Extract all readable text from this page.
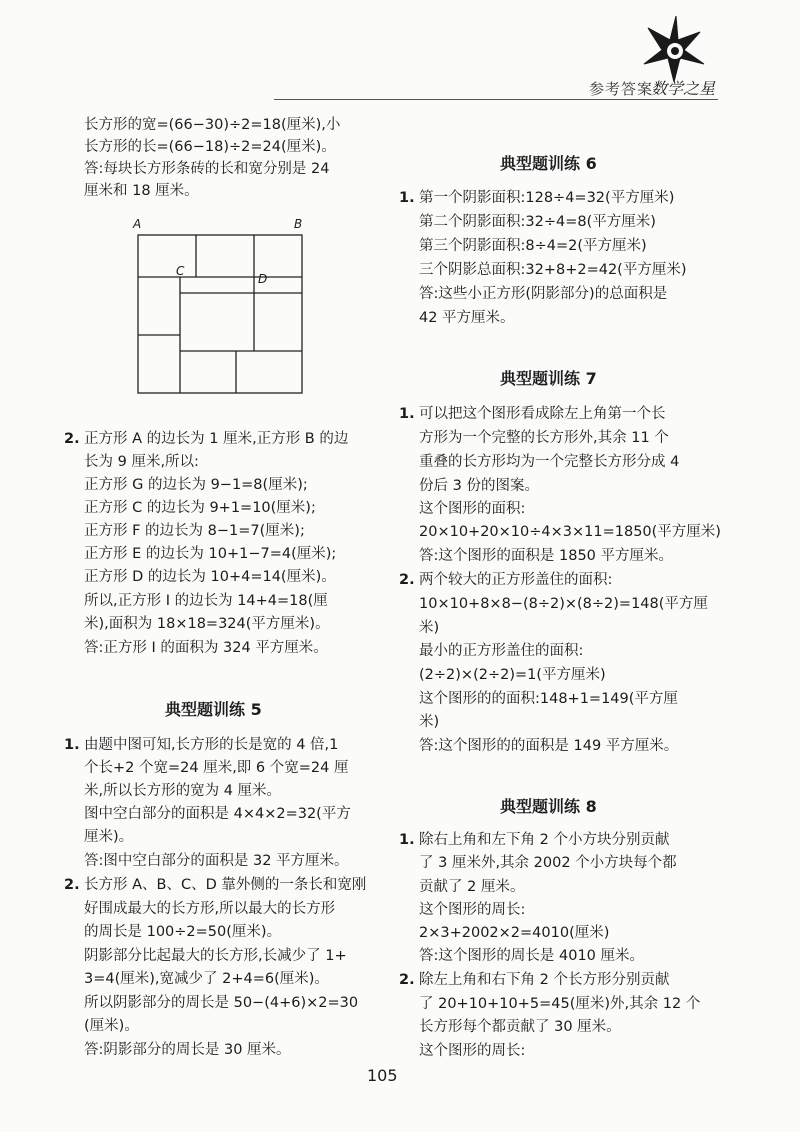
参考答案
数学之星
长方形的宽=(66−30)÷2=18(厘米),小
长方形的长=(66−18)÷2=24(厘米)。
答:每块长方形条砖的长和宽分别是 24
厘米和 18 厘米。
A	B
C
D
2. 正方形 A 的边长为 1 厘米,正方形 B 的边
长为 9 厘米,所以:
正方形 G 的边长为 9−1=8(厘米);
正方形 C 的边长为 9+1=10(厘米);
正方形 F 的边长为 8−1=7(厘米);
正方形 E 的边长为 10+1−7=4(厘米);
正方形 D 的边长为 10+4=14(厘米)。
所以,正方形 I 的边长为 14+4=18(厘
米),面积为 18×18=324(平方厘米)。
答:正方形 I 的面积为 324 平方厘米。
典型题训练 5
1. 由题中图可知,长方形的长是宽的 4 倍,1
个长+2 个宽=24 厘米,即 6 个宽=24 厘
米,所以长方形的宽为 4 厘米。
图中空白部分的面积是 4×4×2=32(平方
厘米)。
答:图中空白部分的面积是 32 平方厘米。
2. 长方形 A、B、C、D 靠外侧的一条长和宽刚
好围成最大的长方形,所以最大的长方形
的周长是 100÷2=50(厘米)。
阴影部分比起最大的长方形,长减少了 1+
3=4(厘米),宽减少了 2+4=6(厘米)。
所以阴影部分的周长是 50−(4+6)×2=30
(厘米)。
答:阴影部分的周长是 30 厘米。
典型题训练 6
1. 第一个阴影面积:128÷4=32(平方厘米)
第二个阴影面积:32÷4=8(平方厘米)
第三个阴影面积:8÷4=2(平方厘米)
三个阴影总面积:32+8+2=42(平方厘米)
答:这些小正方形(阴影部分)的总面积是
42 平方厘米。
典型题训练 7
1. 可以把这个图形看成除左上角第一个长
方形为一个完整的长方形外,其余 11 个
重叠的长方形均为一个完整长方形分成 4
份后 3 份的图案。
这个图形的面积:
20×10+20×10÷4×3×11=1850(平方厘米)
答:这个图形的面积是 1850 平方厘米。
2. 两个较大的正方形盖住的面积:
10×10+8×8−(8÷2)×(8÷2)=148(平方厘
米)
最小的正方形盖住的面积:
(2÷2)×(2÷2)=1(平方厘米)
这个图形的的面积:148+1=149(平方厘
米)
答:这个图形的的面积是 149 平方厘米。
典型题训练 8
1. 除右上角和左下角 2 个小方块分别贡献
了 3 厘米外,其余 2002 个小方块每个都
贡献了 2 厘米。
这个图形的周长:
2×3+2002×2=4010(厘米)
答:这个图形的周长是 4010 厘米。
2. 除左上角和右下角 2 个长方形分别贡献
了 20+10+10+5=45(厘米)外,其余 12 个
长方形每个都贡献了 30 厘米。
这个图形的周长:
105
